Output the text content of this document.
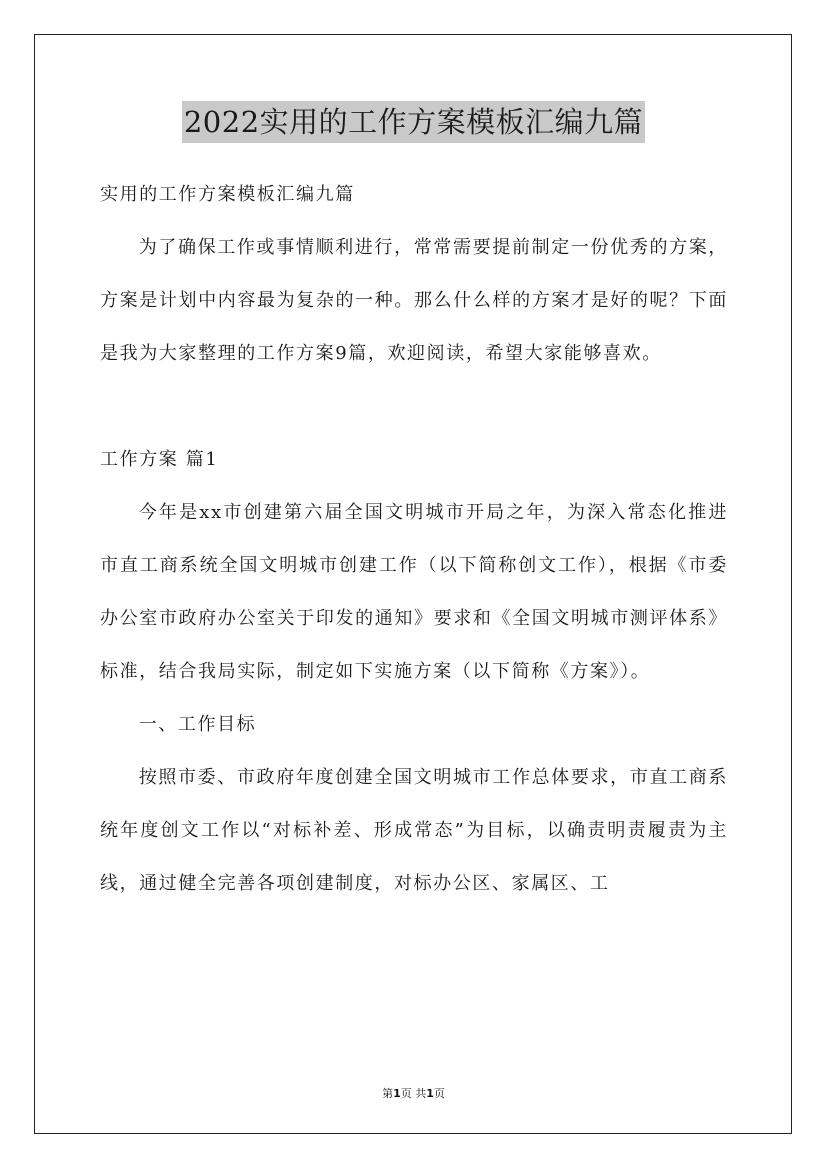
2022实用的工作方案模板汇编九篇

实用的工作方案模板汇编九篇

为了确保工作或事情顺利进行，常常需要提前制定一份优秀的方案，方案是计划中内容最为复杂的一种。那么什么样的方案才是好的呢？下面是我为大家整理的工作方案9篇，欢迎阅读，希望大家能够喜欢。

工作方案 篇1

今年是xx市创建第六届全国文明城市开局之年，为深入常态化推进市直工商系统全国文明城市创建工作（以下简称创文工作），根据《市委办公室市政府办公室关于印发的通知》要求和《全国文明城市测评体系》标准，结合我局实际，制定如下实施方案（以下简称《方案》）。

一、工作目标

按照市委、市政府年度创建全国文明城市工作总体要求，市直工商系统年度创文工作以“对标补差、形成常态”为目标，以确责明责履责为主线，通过健全完善各项创建制度，对标办公区、家属区、工

第1页 共1页
